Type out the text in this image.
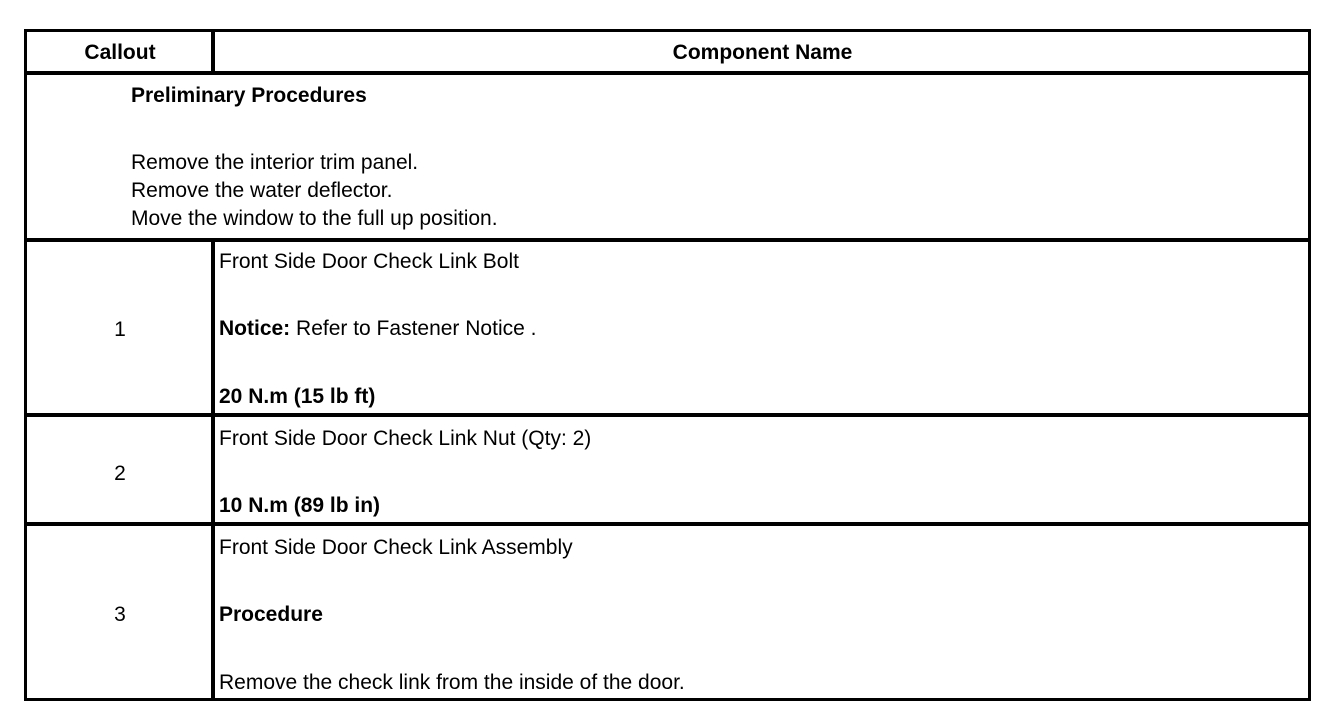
Callout	Component Name
Preliminary Procedures
Remove the interior trim panel.
Remove the water deflector.
Move the window to the full up position.
1
Front Side Door Check Link Bolt
Notice: Refer to Fastener Notice .
20 N.m (15 lb ft)
2
Front Side Door Check Link Nut (Qty: 2)
10 N.m (89 lb in)
3
Front Side Door Check Link Assembly
Procedure
Remove the check link from the inside of the door.
